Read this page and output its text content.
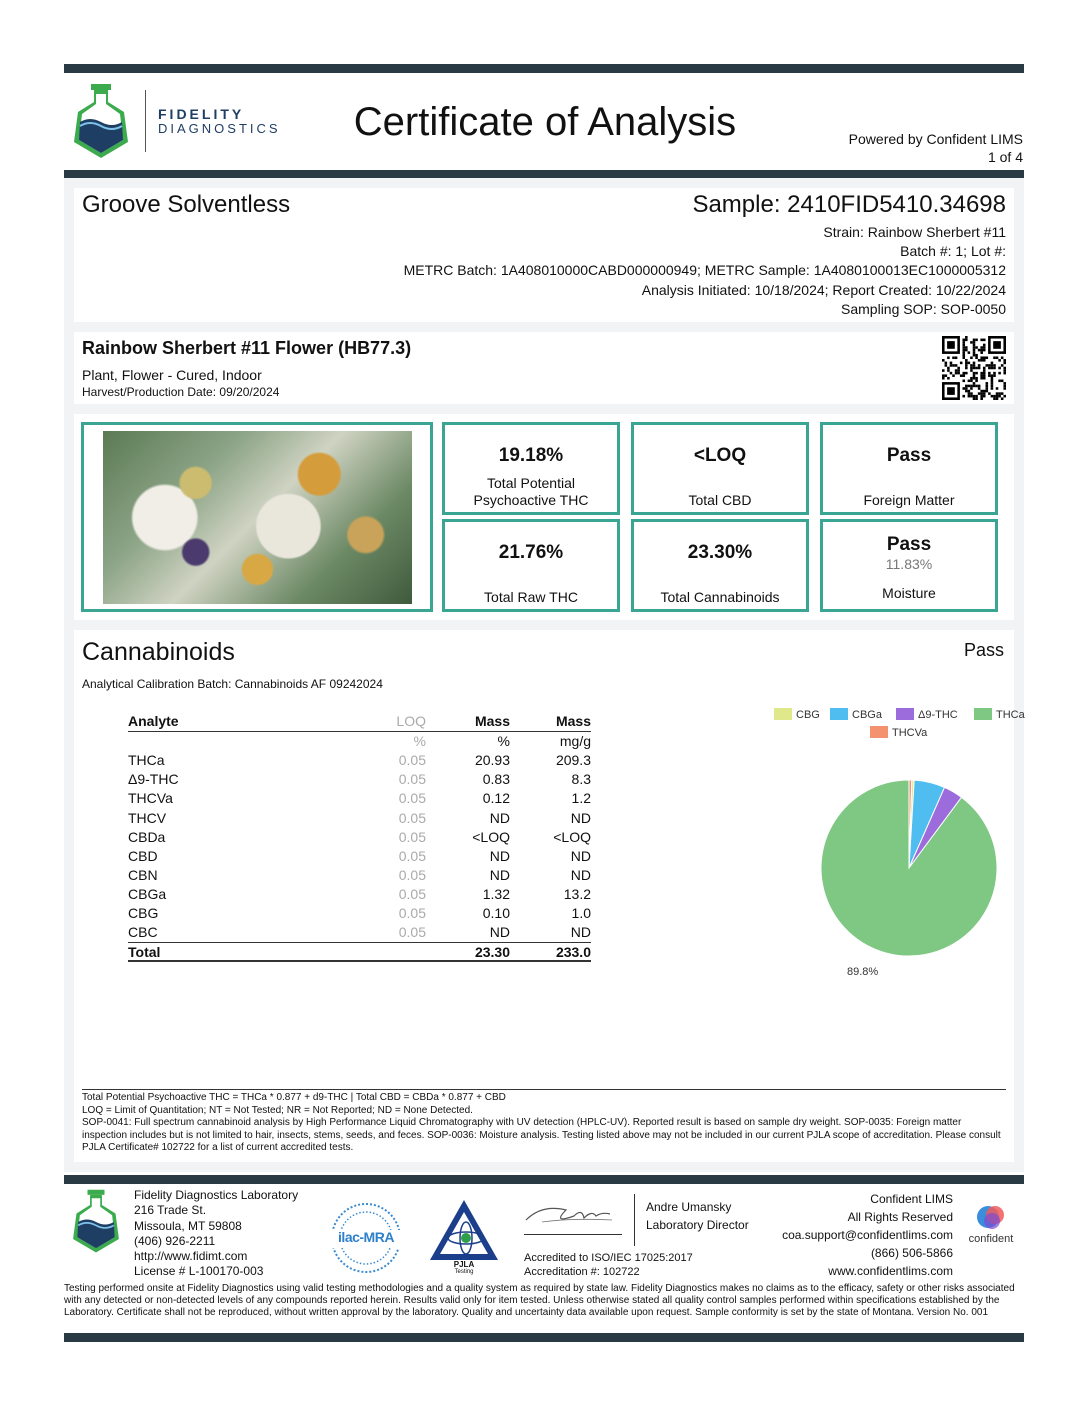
FIDELITY
DIAGNOSTICS	Certificate of Analysis	Powered by Confident LIMS
1 of 4
Groove Solventless	Sample: 2410FID5410.34698
Strain: Rainbow Sherbert #11
Batch #: 1; Lot #:
METRC Batch: 1A408010000CABD000000949; METRC Sample: 1A4080100013EC1000005312
Analysis Initiated: 10/18/2024; Report Created: 10/22/2024
Sampling SOP: SOP-0050
Rainbow Sherbert #11 Flower (HB77.3)
Plant, Flower - Cured, Indoor
Harvest/Production Date: 09/20/2024
19.18%
Total Potential Psychoactive THC
<LOQ
Total CBD
Pass
Foreign Matter
21.76%
Total Raw THC
23.30%
Total Cannabinoids
Pass
11.83%
Moisture
Cannabinoids	Pass
Analytical Calibration Batch: Cannabinoids AF 09242024
Analyte	LOQ	Mass	Mass
	%	%	mg/g
THCa	0.05	20.93	209.3
Δ9-THC	0.05	0.83	8.3
THCVa	0.05	0.12	1.2
THCV	0.05	ND	ND
CBDa	0.05	<LOQ	<LOQ
CBD	0.05	ND	ND
CBN	0.05	ND	ND
CBGa	0.05	1.32	13.2
CBG	0.05	0.10	1.0
CBC	0.05	ND	ND
Total		23.30	233.0
CBG	CBGa	Δ9-THC	THCa
THCVa
89.8%
Total Potential Psychoactive THC = THCa * 0.877 + d9-THC | Total CBD = CBDa * 0.877 + CBD
LOQ = Limit of Quantitation; NT = Not Tested; NR = Not Reported; ND = None Detected.
SOP-0041: Full spectrum cannabinoid analysis by High Performance Liquid Chromatography with UV detection (HPLC-UV). Reported result is based on sample dry weight. SOP-0035: Foreign matter inspection includes but is not limited to hair, insects, stems, seeds, and feces. SOP-0036: Moisture analysis. Testing listed above may not be included in our current PJLA scope of accreditation. Please consult PJLA Certificate# 102722 for a list of current accredited tests.
Fidelity Diagnostics Laboratory
216 Trade St.
Missoula, MT 59808
(406) 926-2211
http://www.fidimt.com
License # L-100170-003
ilac-MRA
PJLA
Testing
Andre Umansky
Laboratory Director
Accredited to ISO/IEC 17025:2017
Accreditation #: 102722
Confident LIMS
All Rights Reserved
coa.support@confidentlims.com
(866) 506-5866
www.confidentlims.com
confident
Testing performed onsite at Fidelity Diagnostics using valid testing methodologies and a quality system as required by state law. Fidelity Diagnostics makes no claims as to the efficacy, safety or other risks associated with any detected or non-detected levels of any compounds reported herein. Results valid only for item tested. Unless otherwise stated all quality control samples performed within specifications established by the Laboratory. Certificate shall not be reproduced, without written approval by the laboratory. Quality and uncertainty data available upon request. Sample conformity is set by the state of Montana. Version No. 001
